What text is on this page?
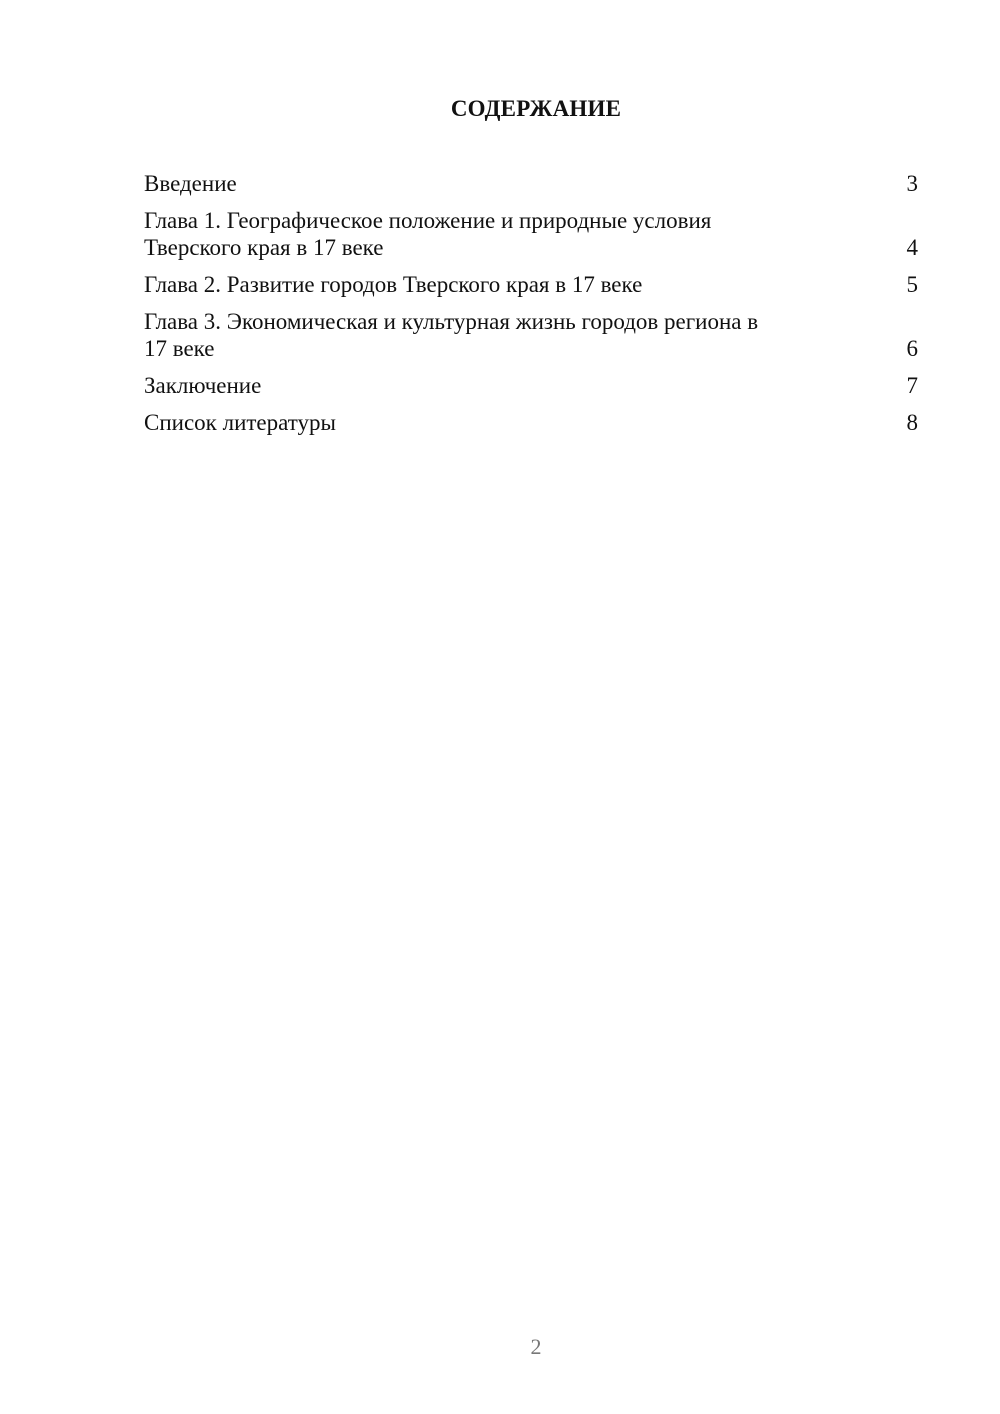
СОДЕРЖАНИЕ
Введение	3
Глава 1. Географическое положение и природные условия
Тверского края в 17 веке	4
Глава 2. Развитие городов Тверского края в 17 веке	5
Глава 3. Экономическая и культурная жизнь городов региона в
17 веке	6
Заключение	7
Список литературы	8
2
